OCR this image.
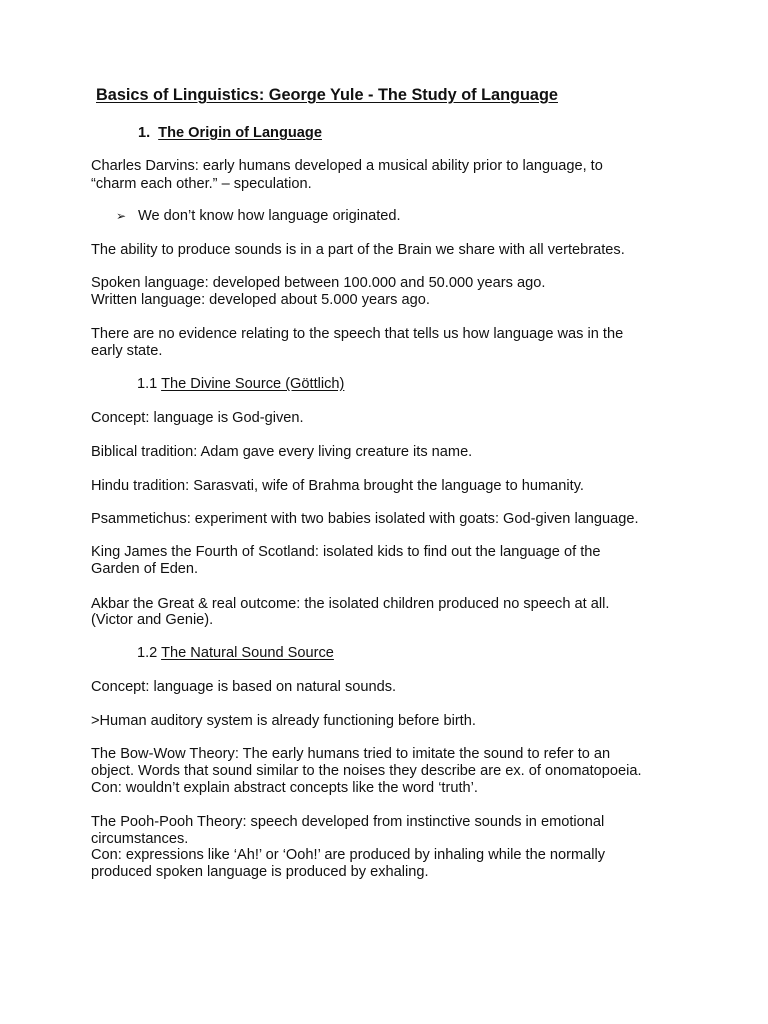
Basics of Linguistics: George Yule - The Study of Language
1. The Origin of Language
Charles Darvins: early humans developed a musical ability prior to language, to
“charm each other.” – speculation.
➢ We don’t know how language originated.
The ability to produce sounds is in a part of the Brain we share with all vertebrates.
Spoken language: developed between 100.000 and 50.000 years ago.
Written language: developed about 5.000 years ago.
There are no evidence relating to the speech that tells us how language was in the
early state.
1.1 The Divine Source (Göttlich)
Concept: language is God-given.
Biblical tradition: Adam gave every living creature its name.
Hindu tradition: Sarasvati, wife of Brahma brought the language to humanity.
Psammetichus: experiment with two babies isolated with goats: God-given language.
King James the Fourth of Scotland: isolated kids to find out the language of the
Garden of Eden.
Akbar the Great & real outcome: the isolated children produced no speech at all.
(Victor and Genie).
1.2 The Natural Sound Source
Concept: language is based on natural sounds.
>Human auditory system is already functioning before birth.
The Bow-Wow Theory: The early humans tried to imitate the sound to refer to an
object. Words that sound similar to the noises they describe are ex. of onomatopoeia.
Con: wouldn’t explain abstract concepts like the word ‘truth’.
The Pooh-Pooh Theory: speech developed from instinctive sounds in emotional
circumstances.
Con: expressions like ‘Ah!’ or ‘Ooh!’ are produced by inhaling while the normally
produced spoken language is produced by exhaling.
